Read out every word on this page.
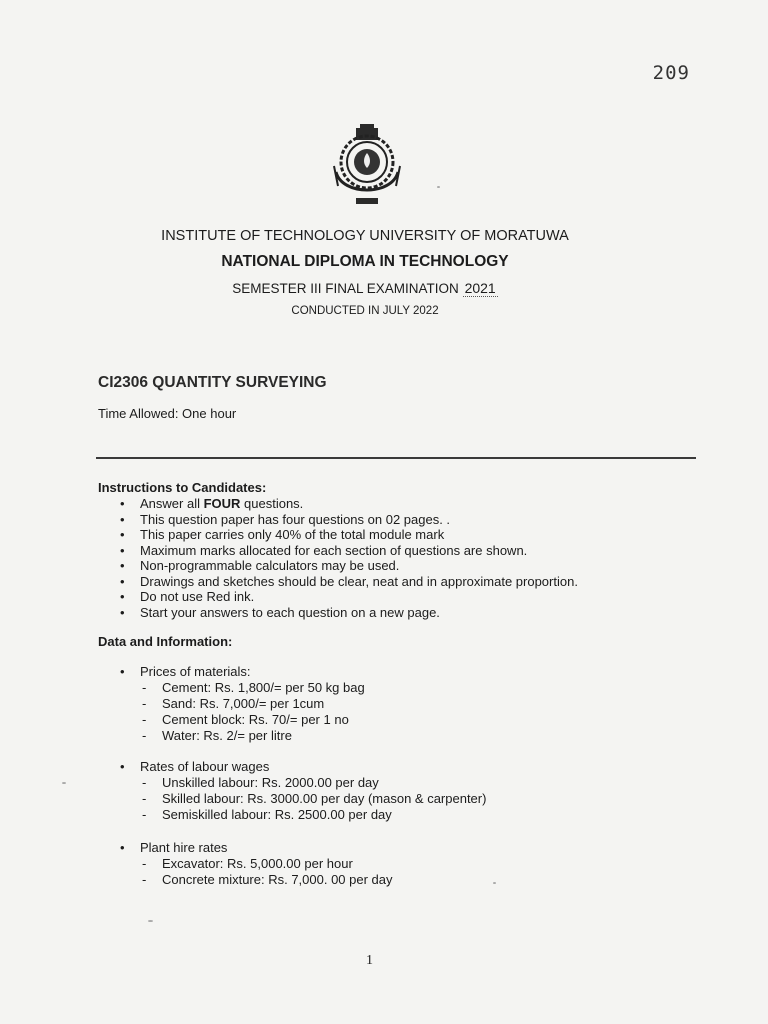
209
INSTITUTE OF TECHNOLOGY UNIVERSITY OF MORATUWA
NATIONAL DIPLOMA IN TECHNOLOGY
SEMESTER III FINAL EXAMINATION 2021
CONDUCTED IN JULY 2022
CI2306 QUANTITY SURVEYING
Time Allowed: One hour
Instructions to Candidates:
• Answer all FOUR questions.
• This question paper has four questions on 02 pages. .
• This paper carries only 40% of the total module mark
• Maximum marks allocated for each section of questions are shown.
• Non-programmable calculators may be used.
• Drawings and sketches should be clear, neat and in approximate proportion.
• Do not use Red ink.
• Start your answers to each question on a new page.
Data and Information:
• Prices of materials:
- Cement: Rs. 1,800/= per 50 kg bag
- Sand: Rs. 7,000/= per 1cum
- Cement block: Rs. 70/= per 1 no
- Water: Rs. 2/= per litre
• Rates of labour wages
- Unskilled labour: Rs. 2000.00 per day
- Skilled labour: Rs. 3000.00 per day (mason & carpenter)
- Semiskilled labour: Rs. 2500.00 per day
• Plant hire rates
- Excavator: Rs. 5,000.00 per hour
- Concrete mixture: Rs. 7,000. 00 per day
1
